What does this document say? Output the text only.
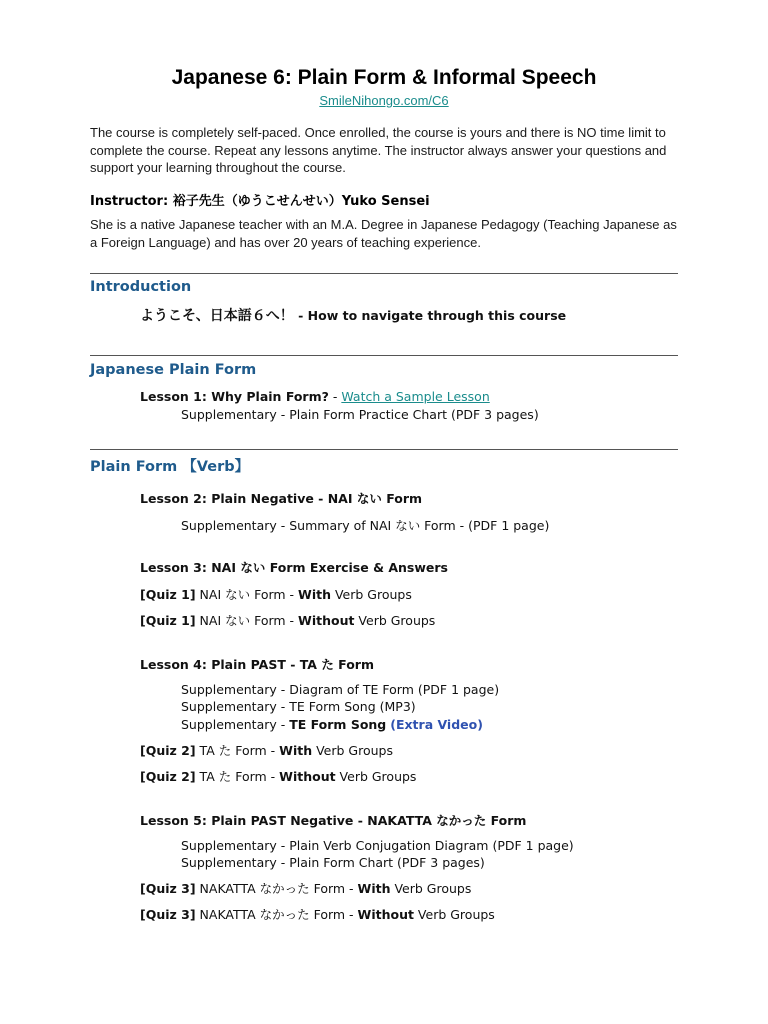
Japanese 6: Plain Form & Informal Speech
SmileNihongo.com/C6
The course is completely self-paced. Once enrolled, the course is yours and there is NO time limit to complete the course. Repeat any lessons anytime. The instructor always answer your questions and support your learning throughout the course.
Instructor: 裕子先生（ゆうこせんせい）Yuko Sensei
She is a native Japanese teacher with an M.A. Degree in Japanese Pedagogy (Teaching Japanese as a Foreign Language) and has over 20 years of teaching experience.
Introduction
ようこそ、日本語６へ！ - How to navigate through this course
Japanese Plain Form
Lesson 1: Why Plain Form? - Watch a Sample Lesson
Supplementary - Plain Form Practice Chart (PDF 3 pages)
Plain Form 【Verb】
Lesson 2: Plain Negative - NAI ない Form
Supplementary - Summary of NAI ない Form - (PDF 1 page)
Lesson 3: NAI ない Form Exercise & Answers
[Quiz 1] NAI ない Form - With Verb Groups
[Quiz 1] NAI ない Form - Without Verb Groups
Lesson 4: Plain PAST - TA た Form
Supplementary - Diagram of TE Form (PDF 1 page)
Supplementary - TE Form Song (MP3)
Supplementary - TE Form Song (Extra Video)
[Quiz 2] TA た Form - With Verb Groups
[Quiz 2] TA た Form - Without Verb Groups
Lesson 5: Plain PAST Negative - NAKATTA なかった Form
Supplementary - Plain Verb Conjugation Diagram (PDF 1 page)
Supplementary - Plain Form Chart (PDF 3 pages)
[Quiz 3] NAKATTA なかった Form - With Verb Groups
[Quiz 3] NAKATTA なかった Form - Without Verb Groups
